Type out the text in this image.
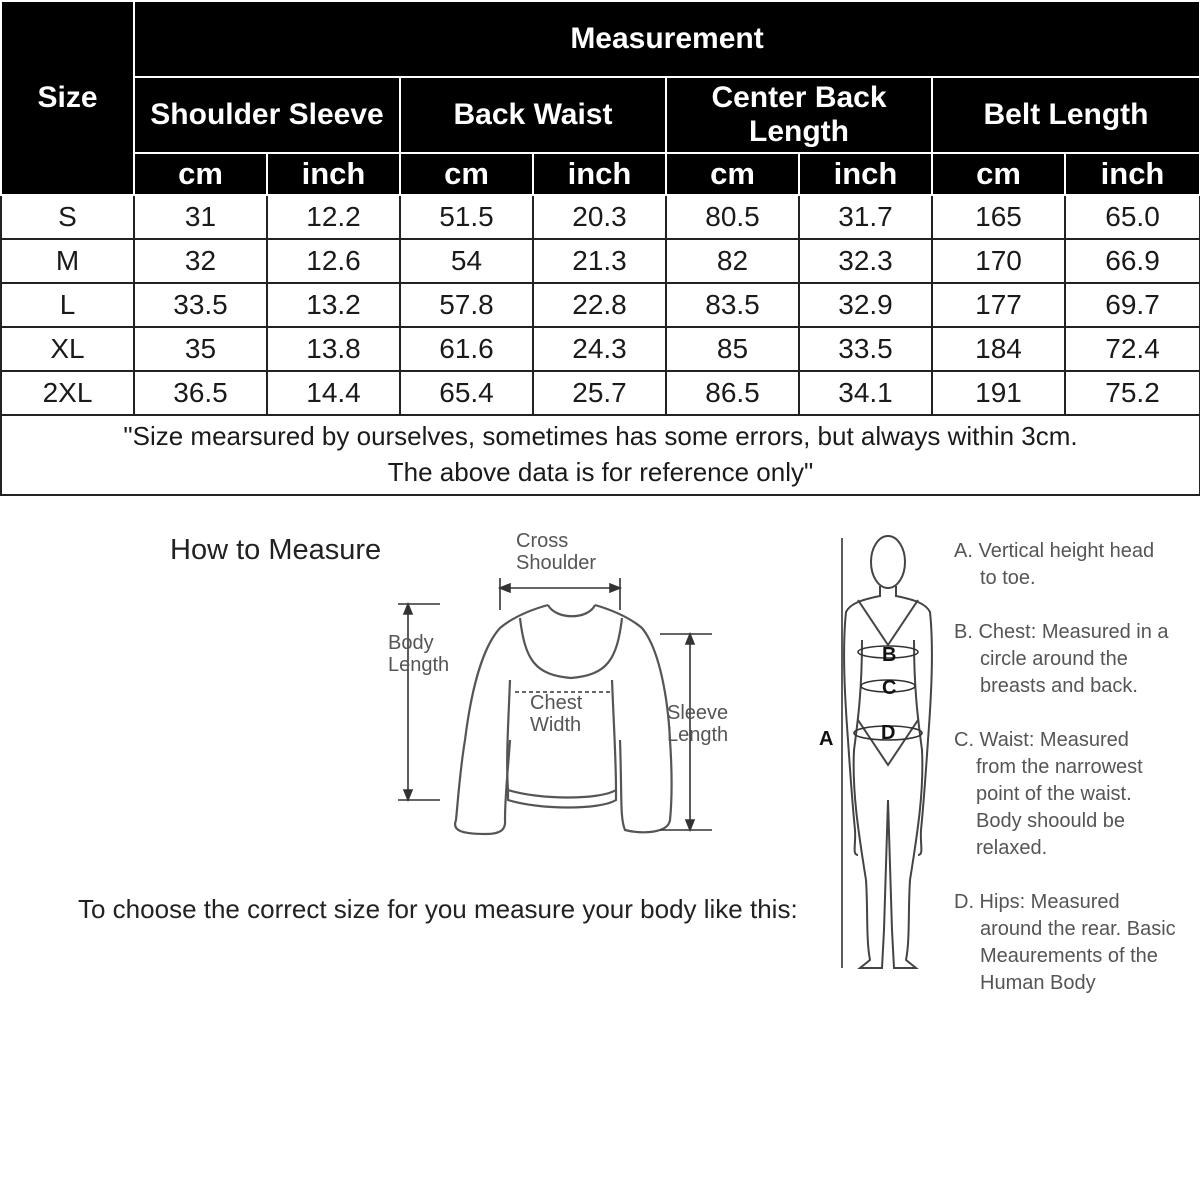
Size	Measurement							
	Shoulder Sleeve		Back Waist		Center Back Length		Belt Length	
	cm	inch	cm	inch	cm	inch	cm	inch
S	31	12.2	51.5	20.3	80.5	31.7	165	65.0
M	32	12.6	54	21.3	82	32.3	170	66.9
L	33.5	13.2	57.8	22.8	83.5	32.9	177	69.7
XL	35	13.8	61.6	24.3	85	33.5	184	72.4
2XL	36.5	14.4	65.4	25.7	86.5	34.1	191	75.2

"Size mearsured by ourselves, sometimes has some errors, but always within 3cm.
The above data is for reference only"								
How to Measure	Cross
Shoulder
Body
Length
Chest
Width
Sleeve
Length	A
B
C
D
A. Vertical height head
to toe.
B. Chest: Measured in a
circle around the breasts and back.
C. Waist: Measured
from the narrowest point of the waist. Body shoould be relaxed.
D. Hips: Measured
around the rear. Basic Meaurements of the Human Body
To choose the correct size for you measure your body like this:
